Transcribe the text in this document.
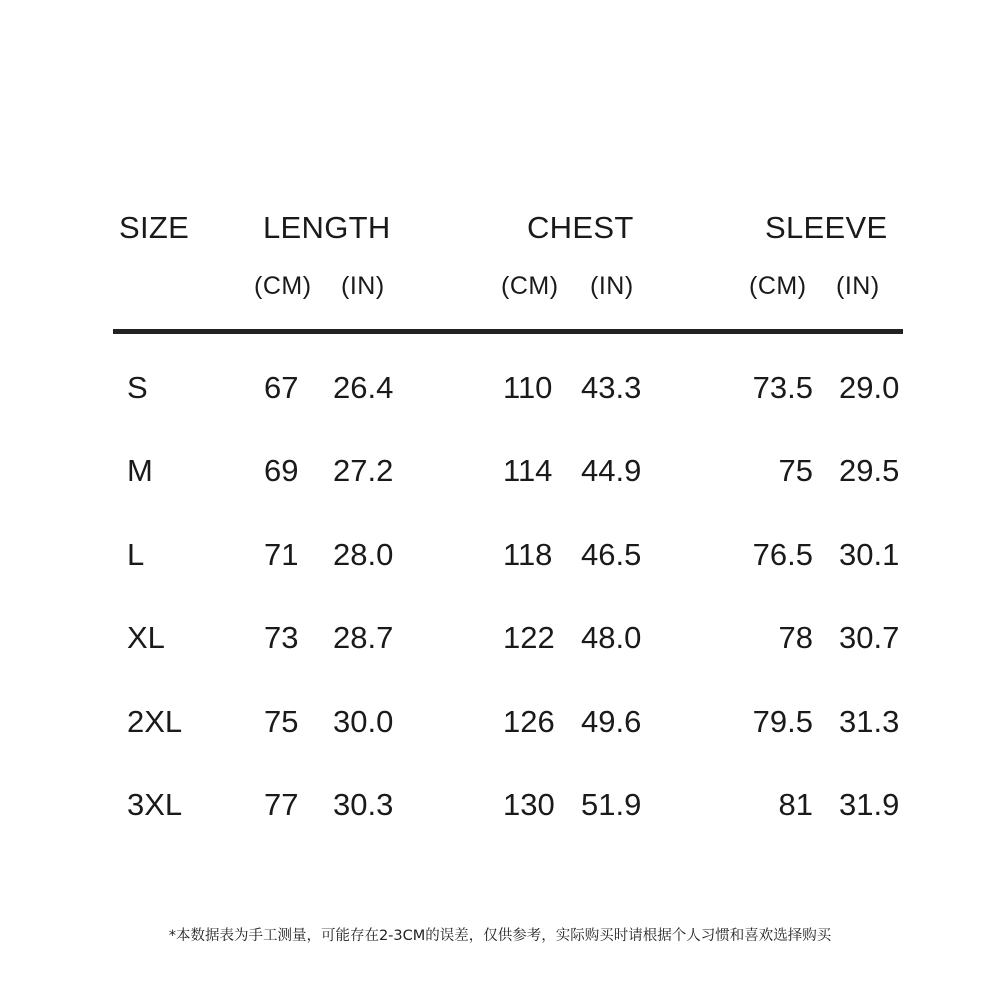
SIZE LENGTH	CHEST	SLEEVE
(CM) (IN)	(CM) (IN)	(CM) (IN)
S	67 26.4	110 43.3	73.5 29.0
M	69 27.2	114 44.9	75 29.5
L	71 28.0	118 46.5	76.5 30.1
XL	73 28.7	122 48.0	78 30.7
2XL	75 30.0	126 49.6	79.5 31.3
3XL	77 30.3	130 51.9	81 31.9
*本数据表为手工测量，可能存在2-3CM的误差，仅供参考，实际购买时请根据个人习惯和喜欢选择购买
